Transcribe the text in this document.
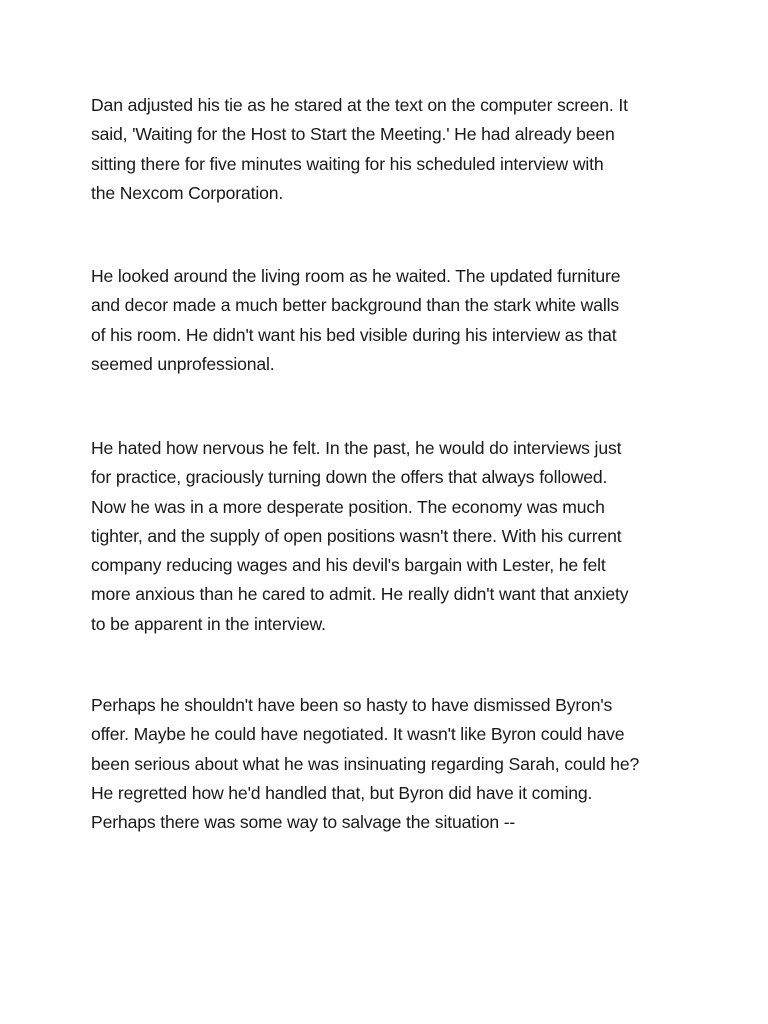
Dan adjusted his tie as he stared at the text on the computer screen. It
said, 'Waiting for the Host to Start the Meeting.' He had already been
sitting there for five minutes waiting for his scheduled interview with
the Nexcom Corporation.

He looked around the living room as he waited. The updated furniture
and decor made a much better background than the stark white walls
of his room. He didn't want his bed visible during his interview as that
seemed unprofessional.

He hated how nervous he felt. In the past, he would do interviews just
for practice, graciously turning down the offers that always followed.
Now he was in a more desperate position. The economy was much
tighter, and the supply of open positions wasn't there. With his current
company reducing wages and his devil's bargain with Lester, he felt
more anxious than he cared to admit. He really didn't want that anxiety
to be apparent in the interview.

Perhaps he shouldn't have been so hasty to have dismissed Byron's
offer. Maybe he could have negotiated. It wasn't like Byron could have
been serious about what he was insinuating regarding Sarah, could he?
He regretted how he'd handled that, but Byron did have it coming.
Perhaps there was some way to salvage the situation --
